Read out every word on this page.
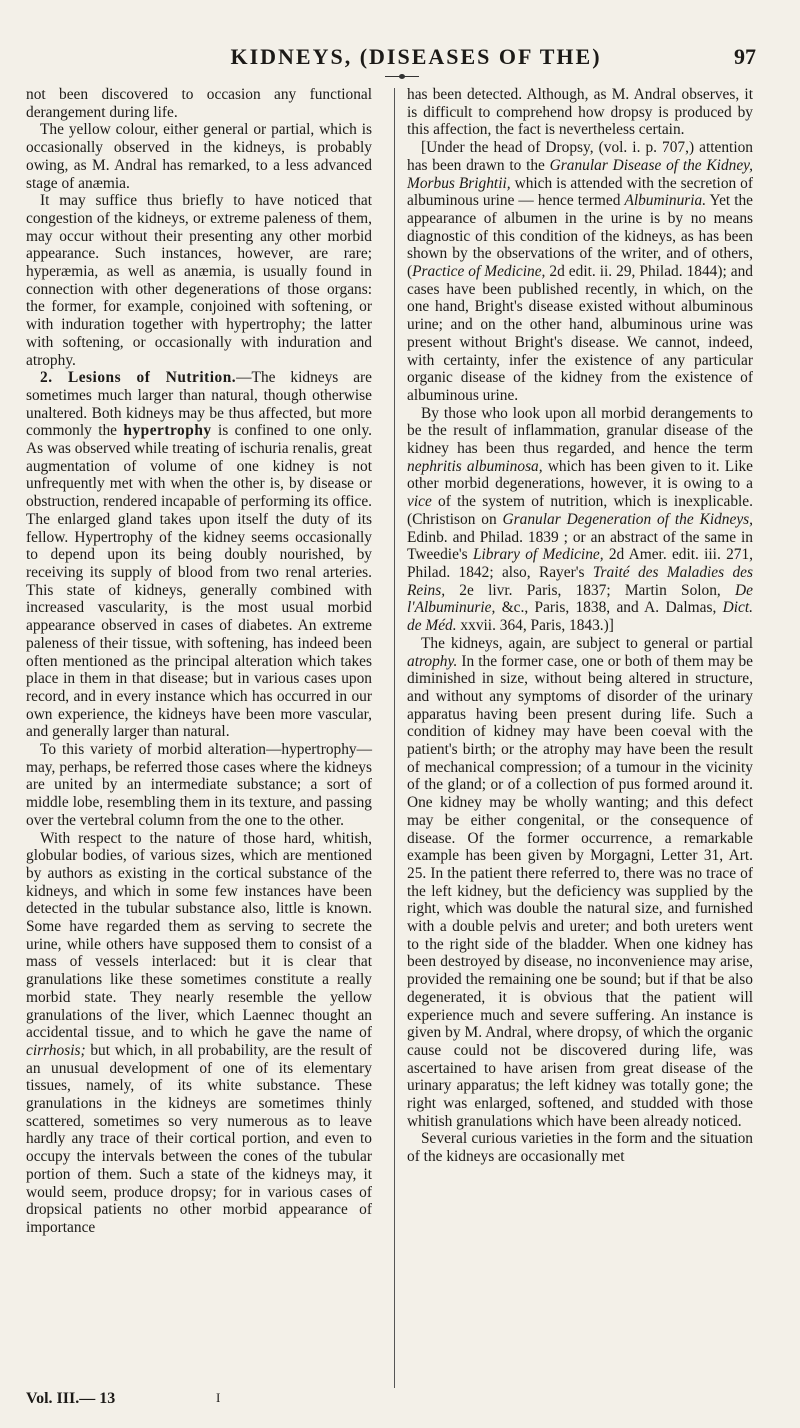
KIDNEYS, (DISEASES OF THE)	97

not been discovered to occasion any functional derangement during life.

The yellow colour, either general or partial, which is occasionally observed in the kidneys, is probably owing, as M. Andral has remarked, to a less advanced stage of anæmia.

It may suffice thus briefly to have noticed that congestion of the kidneys, or extreme paleness of them, may occur without their presenting any other morbid appearance. Such instances, however, are rare; hyperæmia, as well as anæmia, is usually found in connection with other degenerations of those organs: the former, for example, conjoined with softening, or with induration together with hypertrophy; the latter with softening, or occasionally with induration and atrophy.

2. Lesions of Nutrition.—The kidneys are sometimes much larger than natural, though otherwise unaltered. Both kidneys may be thus affected, but more commonly the hypertrophy is confined to one only. As was observed while treating of ischuria renalis, great augmentation of volume of one kidney is not unfrequently met with when the other is, by disease or obstruction, rendered incapable of performing its office. The enlarged gland takes upon itself the duty of its fellow. Hypertrophy of the kidney seems occasionally to depend upon its being doubly nourished, by receiving its supply of blood from two renal arteries. This state of kidneys, generally combined with increased vascularity, is the most usual morbid appearance observed in cases of diabetes. An extreme paleness of their tissue, with softening, has indeed been often mentioned as the principal alteration which takes place in them in that disease; but in various cases upon record, and in every instance which has occurred in our own experience, the kidneys have been more vascular, and generally larger than natural.

To this variety of morbid alteration—hypertrophy—may, perhaps, be referred those cases where the kidneys are united by an intermediate substance; a sort of middle lobe, resembling them in its texture, and passing over the vertebral column from the one to the other.

With respect to the nature of those hard, whitish, globular bodies, of various sizes, which are mentioned by authors as existing in the cortical substance of the kidneys, and which in some few instances have been detected in the tubular substance also, little is known. Some have regarded them as serving to secrete the urine, while others have supposed them to consist of a mass of vessels interlaced: but it is clear that granulations like these sometimes constitute a really morbid state. They nearly resemble the yellow granulations of the liver, which Laennec thought an accidental tissue, and to which he gave the name of cirrhosis; but which, in all probability, are the result of an unusual development of one of its elementary tissues, namely, of its white substance. These granulations in the kidneys are sometimes thinly scattered, sometimes so very numerous as to leave hardly any trace of their cortical portion, and even to occupy the intervals between the cones of the tubular portion of them. Such a state of the kidneys may, it would seem, produce dropsy; for in various cases of dropsical patients no other morbid appearance of importance

has been detected. Although, as M. Andral observes, it is difficult to comprehend how dropsy is produced by this affection, the fact is nevertheless certain.

[Under the head of Dropsy, (vol. i. p. 707,) attention has been drawn to the Granular Disease of the Kidney, Morbus Brightii, which is attended with the secretion of albuminous urine — hence termed Albuminuria. Yet the appearance of albumen in the urine is by no means diagnostic of this condition of the kidneys, as has been shown by the observations of the writer, and of others, (Practice of Medicine, 2d edit. ii. 29, Philad. 1844); and cases have been published recently, in which, on the one hand, Bright's disease existed without albuminous urine; and on the other hand, albuminous urine was present without Bright's disease. We cannot, indeed, with certainty, infer the existence of any particular organic disease of the kidney from the existence of albuminous urine.

By those who look upon all morbid derangements to be the result of inflammation, granular disease of the kidney has been thus regarded, and hence the term nephritis albuminosa, which has been given to it. Like other morbid degenerations, however, it is owing to a vice of the system of nutrition, which is inexplicable. (Christison on Granular Degeneration of the Kidneys, Edinb. and Philad. 1839 ; or an abstract of the same in Tweedie's Library of Medicine, 2d Amer. edit. iii. 271, Philad. 1842; also, Rayer's Traité des Maladies des Reins, 2e livr. Paris, 1837; Martin Solon, De l'Albuminurie, &c., Paris, 1838, and A. Dalmas, Dict. de Méd. xxvii. 364, Paris, 1843.)]

The kidneys, again, are subject to general or partial atrophy. In the former case, one or both of them may be diminished in size, without being altered in structure, and without any symptoms of disorder of the urinary apparatus having been present during life. Such a condition of kidney may have been coeval with the patient's birth; or the atrophy may have been the result of mechanical compression; of a tumour in the vicinity of the gland; or of a collection of pus formed around it. One kidney may be wholly wanting; and this defect may be either congenital, or the consequence of disease. Of the former occurrence, a remarkable example has been given by Morgagni, Letter 31, Art. 25. In the patient there referred to, there was no trace of the left kidney, but the deficiency was supplied by the right, which was double the natural size, and furnished with a double pelvis and ureter; and both ureters went to the right side of the bladder. When one kidney has been destroyed by disease, no inconvenience may arise, provided the remaining one be sound; but if that be also degenerated, it is obvious that the patient will experience much and severe suffering. An instance is given by M. Andral, where dropsy, of which the organic cause could not be discovered during life, was ascertained to have arisen from great disease of the urinary apparatus; the left kidney was totally gone; the right was enlarged, softened, and studded with those whitish granulations which have been already noticed.

Several curious varieties in the form and the situation of the kidneys are occasionally met

Vol. III.— 13	I
